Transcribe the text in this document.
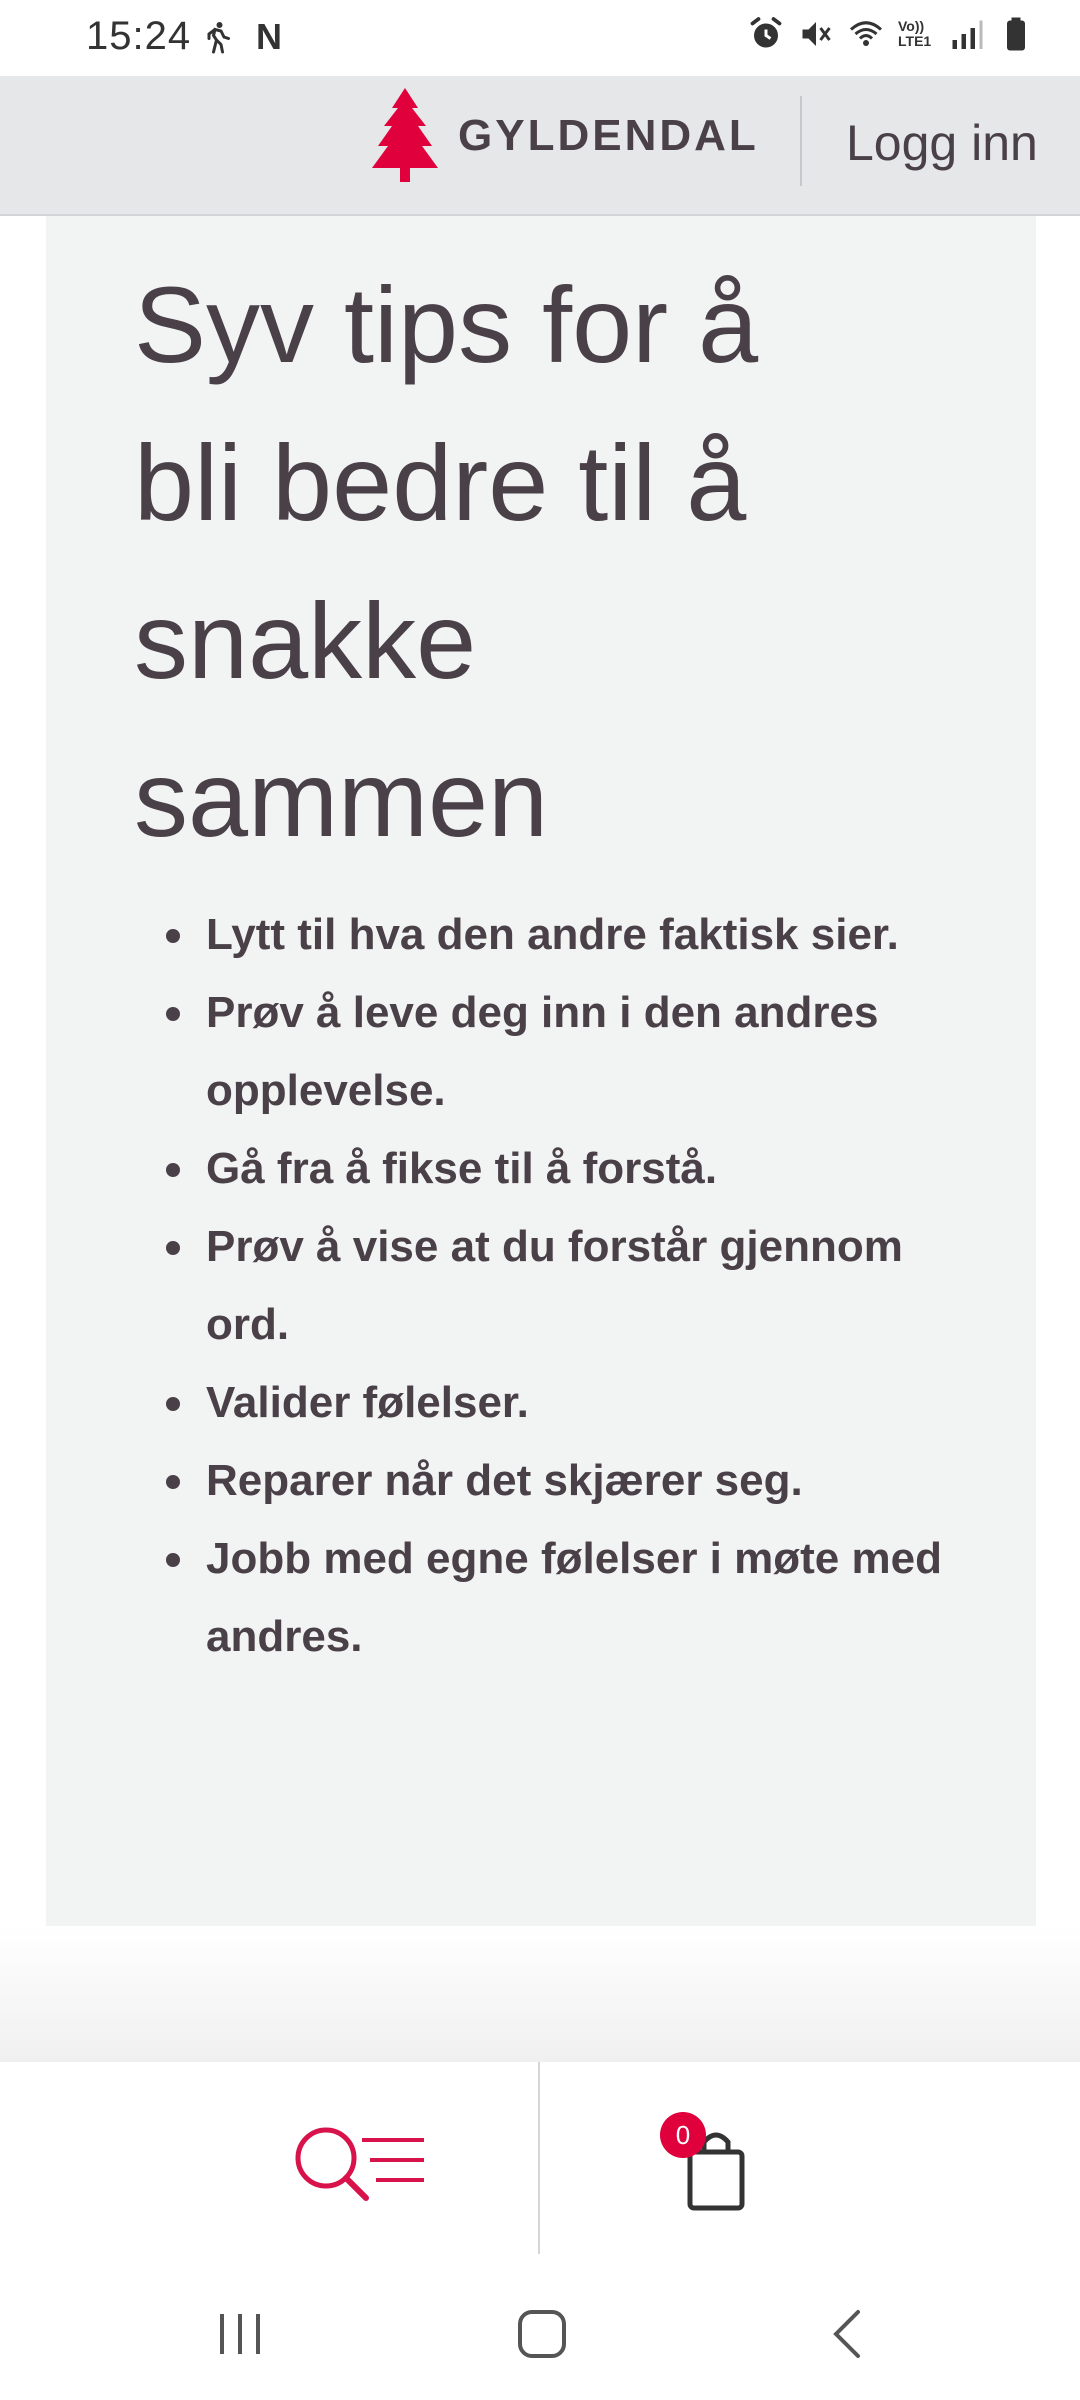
15:24 N	Vo)) LTE1
GYLDENDAL Logg inn
Syv tips for å bli bedre til å snakke sammen
Lytt til hva den andre faktisk sier.
Prøv å leve deg inn i den andres opplevelse.
Gå fra å fikse til å forstå.
Prøv å vise at du forstår gjennom ord.
Valider følelser.
Reparer når det skjærer seg.
Jobb med egne følelser i møte med andres.
0
